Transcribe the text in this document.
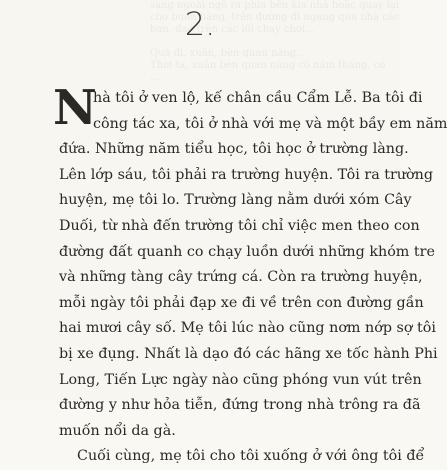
sang ngoài ngõ ra phía bên kia nhà hoặc quay lại
cho buồn hàng, trên đường đi ngang qua nhà các
bạn, dạo trên các lối chạy chơi...
Quá đi, xuân, bèn quan nàng...
Thời ta, xuân bèn quan nàng có năm tháng, có
...
2.
N
hà tôi ở ven lộ, kế chân cầu Cẩm Lễ. Ba tôi đi
công tác xa, tôi ở nhà với mẹ và một bầy em năm
đứa. Những năm tiểu học, tôi học ở trường làng.
Lên lớp sáu, tôi phải ra trường huyện. Tôi ra trường
huyện, mẹ tôi lo. Trường làng nằm dưới xóm Cây
Duối, từ nhà đến trường tôi chỉ việc men theo con
đường đất quanh co chạy luồn dưới những khóm tre
và những tàng cây trứng cá. Còn ra trường huyện,
mỗi ngày tôi phải đạp xe đi về trên con đường gần
hai mươi cây số. Mẹ tôi lúc nào cũng nơm nớp sợ tôi
bị xe đụng. Nhất là dạo đó các hãng xe tốc hành Phi
Long, Tiến Lực ngày nào cũng phóng vun vút trên
đường y như hỏa tiễn, đứng trong nhà trông ra đã
muốn nổi da gà.
Cuối cùng, mẹ tôi cho tôi xuống ở với ông tôi để
